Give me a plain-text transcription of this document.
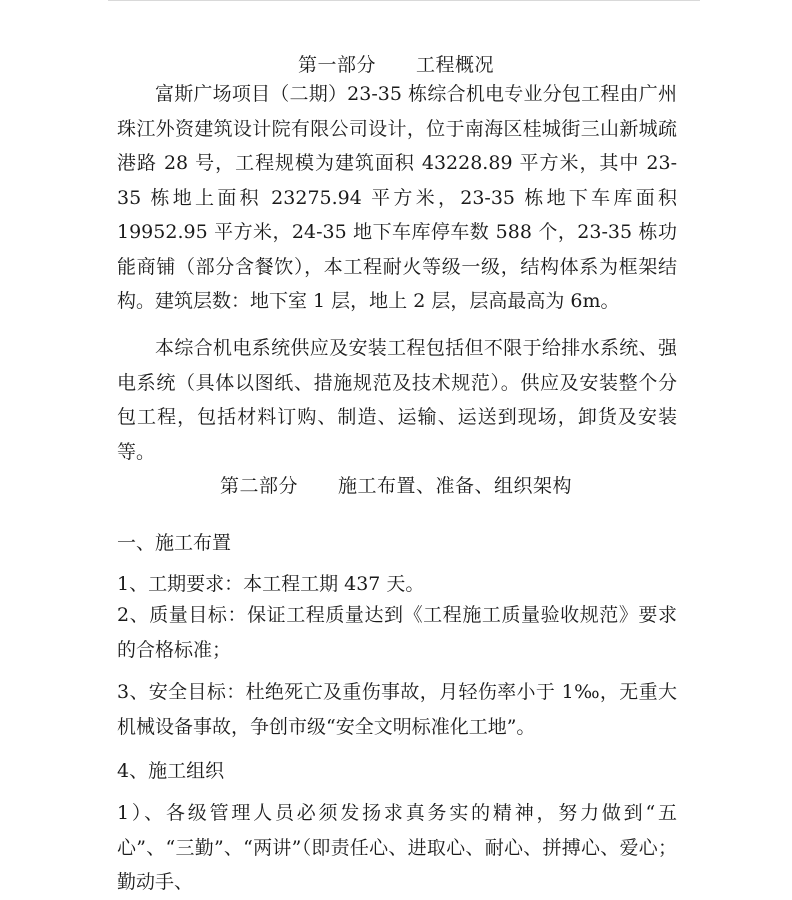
第一部分 工程概况
富斯广场项目（二期）23-35 栋综合机电专业分包工程由广州珠江外资建筑设计院有限公司设计，位于南海区桂城街三山新城疏港路 28 号，工程规模为建筑面积 43228.89 平方米，其中 23-35 栋地上面积 23275.94 平方米，23-35 栋地下车库面积 19952.95 平方米，24-35 地下车库停车数 588 个，23-35 栋功能商铺（部分含餐饮），本工程耐火等级一级，结构体系为框架结构。建筑层数：地下室 1 层，地上 2 层，层高最高为 6m。
本综合机电系统供应及安装工程包括但不限于给排水系统、强电系统（具体以图纸、措施规范及技术规范）。供应及安装整个分包工程，包括材料订购、制造、运输、运送到现场，卸货及安装等。
第二部分 施工布置、准备、组织架构
一、施工布置
1、工期要求：本工程工期 437 天。
2、质量目标：保证工程质量达到《工程施工质量验收规范》要求的合格标准；
3、安全目标：杜绝死亡及重伤事故，月轻伤率小于 1‰，无重大机械设备事故，争创市级“安全文明标准化工地”。
4、施工组织
1）、各级管理人员必须发扬求真务实的精神，努力做到“五心”、“三勤”、“两讲”（即责任心、进取心、耐心、拼搏心、爱心；勤动手、
